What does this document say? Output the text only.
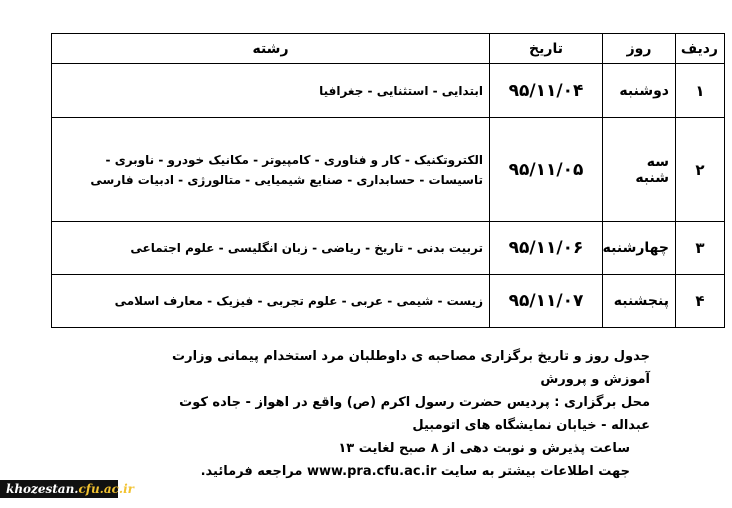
ردیف	روز	تاریخ	رشته
۱	دوشنبه	۹۵/۱۱/۰۴	ابتدایی - استثنایی - جغرافیا
۲	سه شنبه	۹۵/۱۱/۰۵	الکتروتکنیک - کار و فناوری - کامپیوتر - مکانیک خودرو - ناوبری - تاسیسات - حسابداری - صنایع شیمیایی - متالورژی - ادبیات فارسی
۳	چهارشنبه	۹۵/۱۱/۰۶	تربیت بدنی - تاریخ - ریاضی - زبان انگلیسی - علوم اجتماعی
۴	پنجشنبه	۹۵/۱۱/۰۷	زیست - شیمی - عربی - علوم تجربی - فیزیک - معارف اسلامی

جدول روز و تاریخ برگزاری مصاحبه ی داوطلبان مرد استخدام پیمانی وزارت آموزش و پرورش

محل برگزاری : پردیس حضرت رسول اکرم (ص) واقع در اهواز - جاده کوت عبداله - خیابان نمایشگاه های اتومبیل

ساعت پذیرش و نوبت دهی از ۸ صبح لغایت ۱۳

جهت اطلاعات بیشتر به سایت www.pra.cfu.ac.ir مراجعه فرمائید.

khozestan.cfu.ac.ir
